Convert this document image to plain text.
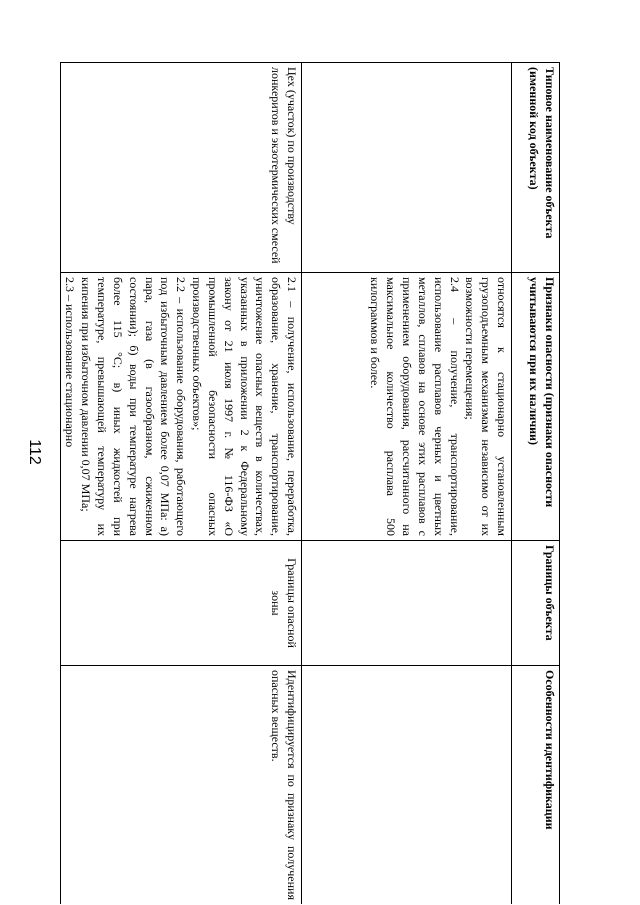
112
Типовое наименование объекта (именной код объекта)	Признаки опасности (признаки опасности учитываются при их наличии)	Границы объекта	Особенности идентификации

	относятся к стационарно установленным грузоподъемным механизмам независимо от их возможности перемещения;

2.4 – получение, транспортирование, использование расплавов черных и цветных металлов, сплавов на основе этих расплавов с применением оборудования, рассчитанного на максимальное количество расплава 500 килограммов и более.		

Цех (участок) по производству лонкеритов и экзотермических смесей	2.1 – получение, использование, переработка, образование, хранение, транспортирование, уничтожение опасных веществ в количествах, указанных в приложении 2 к Федеральному закону от 21 июля 1997 г. № 116-ФЗ «О промышленной безопасности опасных производственных объектов»;

2.2 – использование оборудования, работающего под избыточным давлением более 0,07 МПа: а) пара, газа (в газообразном, сжиженном состоянии); б) воды при температуре нагрева более 115 °С; в) иных жидкостей при температуре, превышающей температуру их кипения при избыточном давлении 0,07 МПа;

2.3 – использование стационарно	Границы опасной зоны	Идентифицируется по признаку получения опасных веществ.
